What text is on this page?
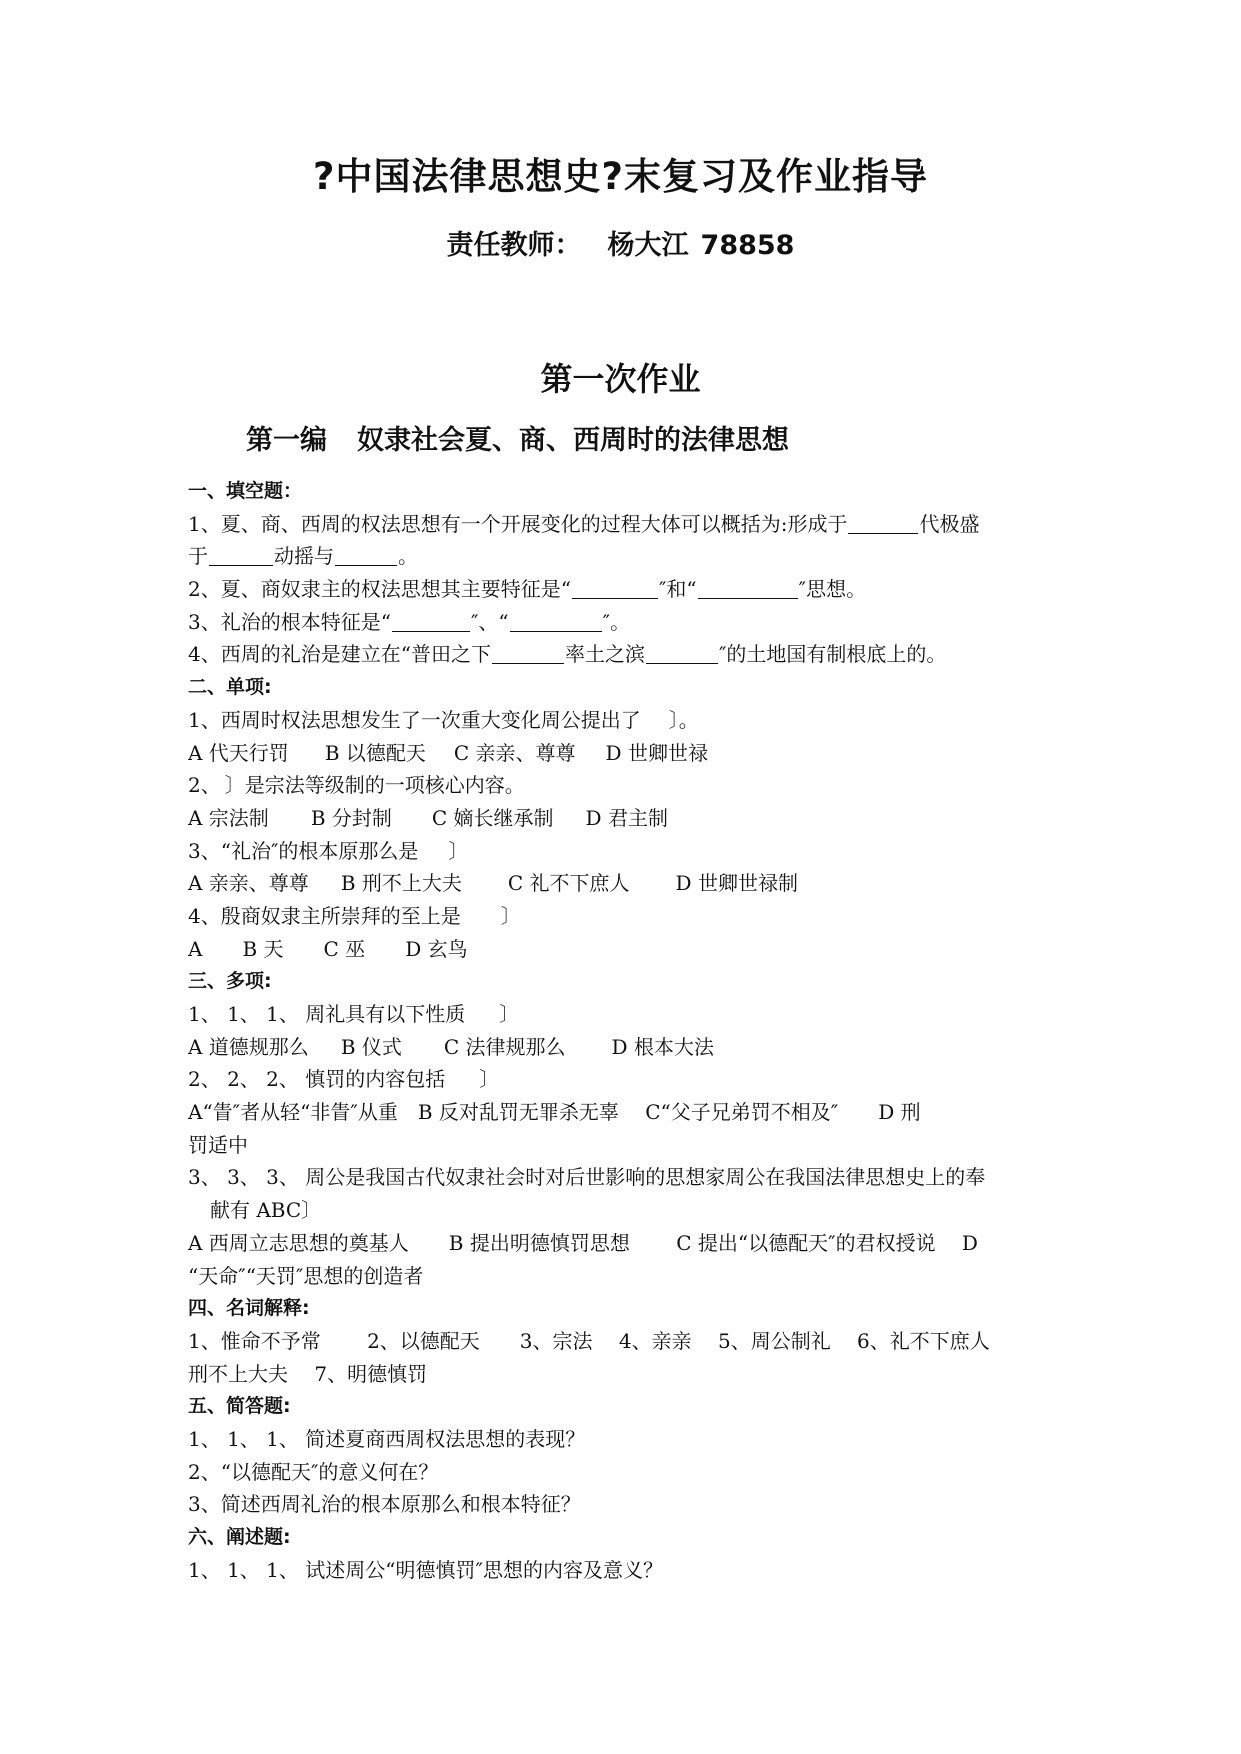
?中国法律思想史?末复习及作业指导
责任教师： 杨大江 78858
第一次作业
第一编 奴隶社会夏、商、西周时的法律思想
一、填空题：
1、夏、商、西周的权法思想有一个开展变化的过程大体可以概括为:形成于	代极盛
于	动摇与	。
2、夏、商奴隶主的权法思想其主要特征是“	″和“	″思想。
3、礼治的根本特征是“	″、“	″。
4、西周的礼治是建立在“普田之下	率土之滨	″的土地国有制根底上的。
二、单项:
1、西周时权法思想发生了一次重大变化周公提出了 〕。
A 代天行罚 B 以德配天 C 亲亲、尊尊 D 世卿世禄
2、 〕是宗法等级制的一项核心内容。
A 宗法制 B 分封制 C 嫡长继承制 D 君主制
3、“礼治″的根本原那么是 〕
A 亲亲、尊尊 B 刑不上大夫 C 礼不下庶人 D 世卿世禄制
4、殷商奴隶主所崇拜的至上是 〕
A B 天 C 巫 D 玄鸟
三、多项:
1、 1、 1、 周礼具有以下性质 〕
A 道德规那么 B 仪式 C 法律规那么 D 根本大法
2、 2、 2、 慎罚的内容包括 〕
A“眚″者从轻“非眚″从重　B 反对乱罚无罪杀无辜　 C“父子兄弟罚不相及″　　D 刑
罚适中
3、 3、 3、 周公是我国古代奴隶社会时对后世影响的思想家周公在我国法律思想史上的奉
献有 ABC〕
A 西周立志思想的奠基人　　B 提出明德慎罚思想　　 C 提出“以德配天″的君权授说　 D
“天命″“天罚″思想的创造者
四、名词解释:
1、惟命不予常　　 2、以德配天　　3、宗法　 4、亲亲　 5、周公制礼　 6、礼不下庶人
刑不上大夫　 7、明德慎罚
五、简答题:
1、 1、 1、 简述夏商西周权法思想的表现？
2、“以德配天″的意义何在？
3、简述西周礼治的根本原那么和根本特征？
六、阐述题:
1、 1、 1、 试述周公“明德慎罚″思想的内容及意义？
